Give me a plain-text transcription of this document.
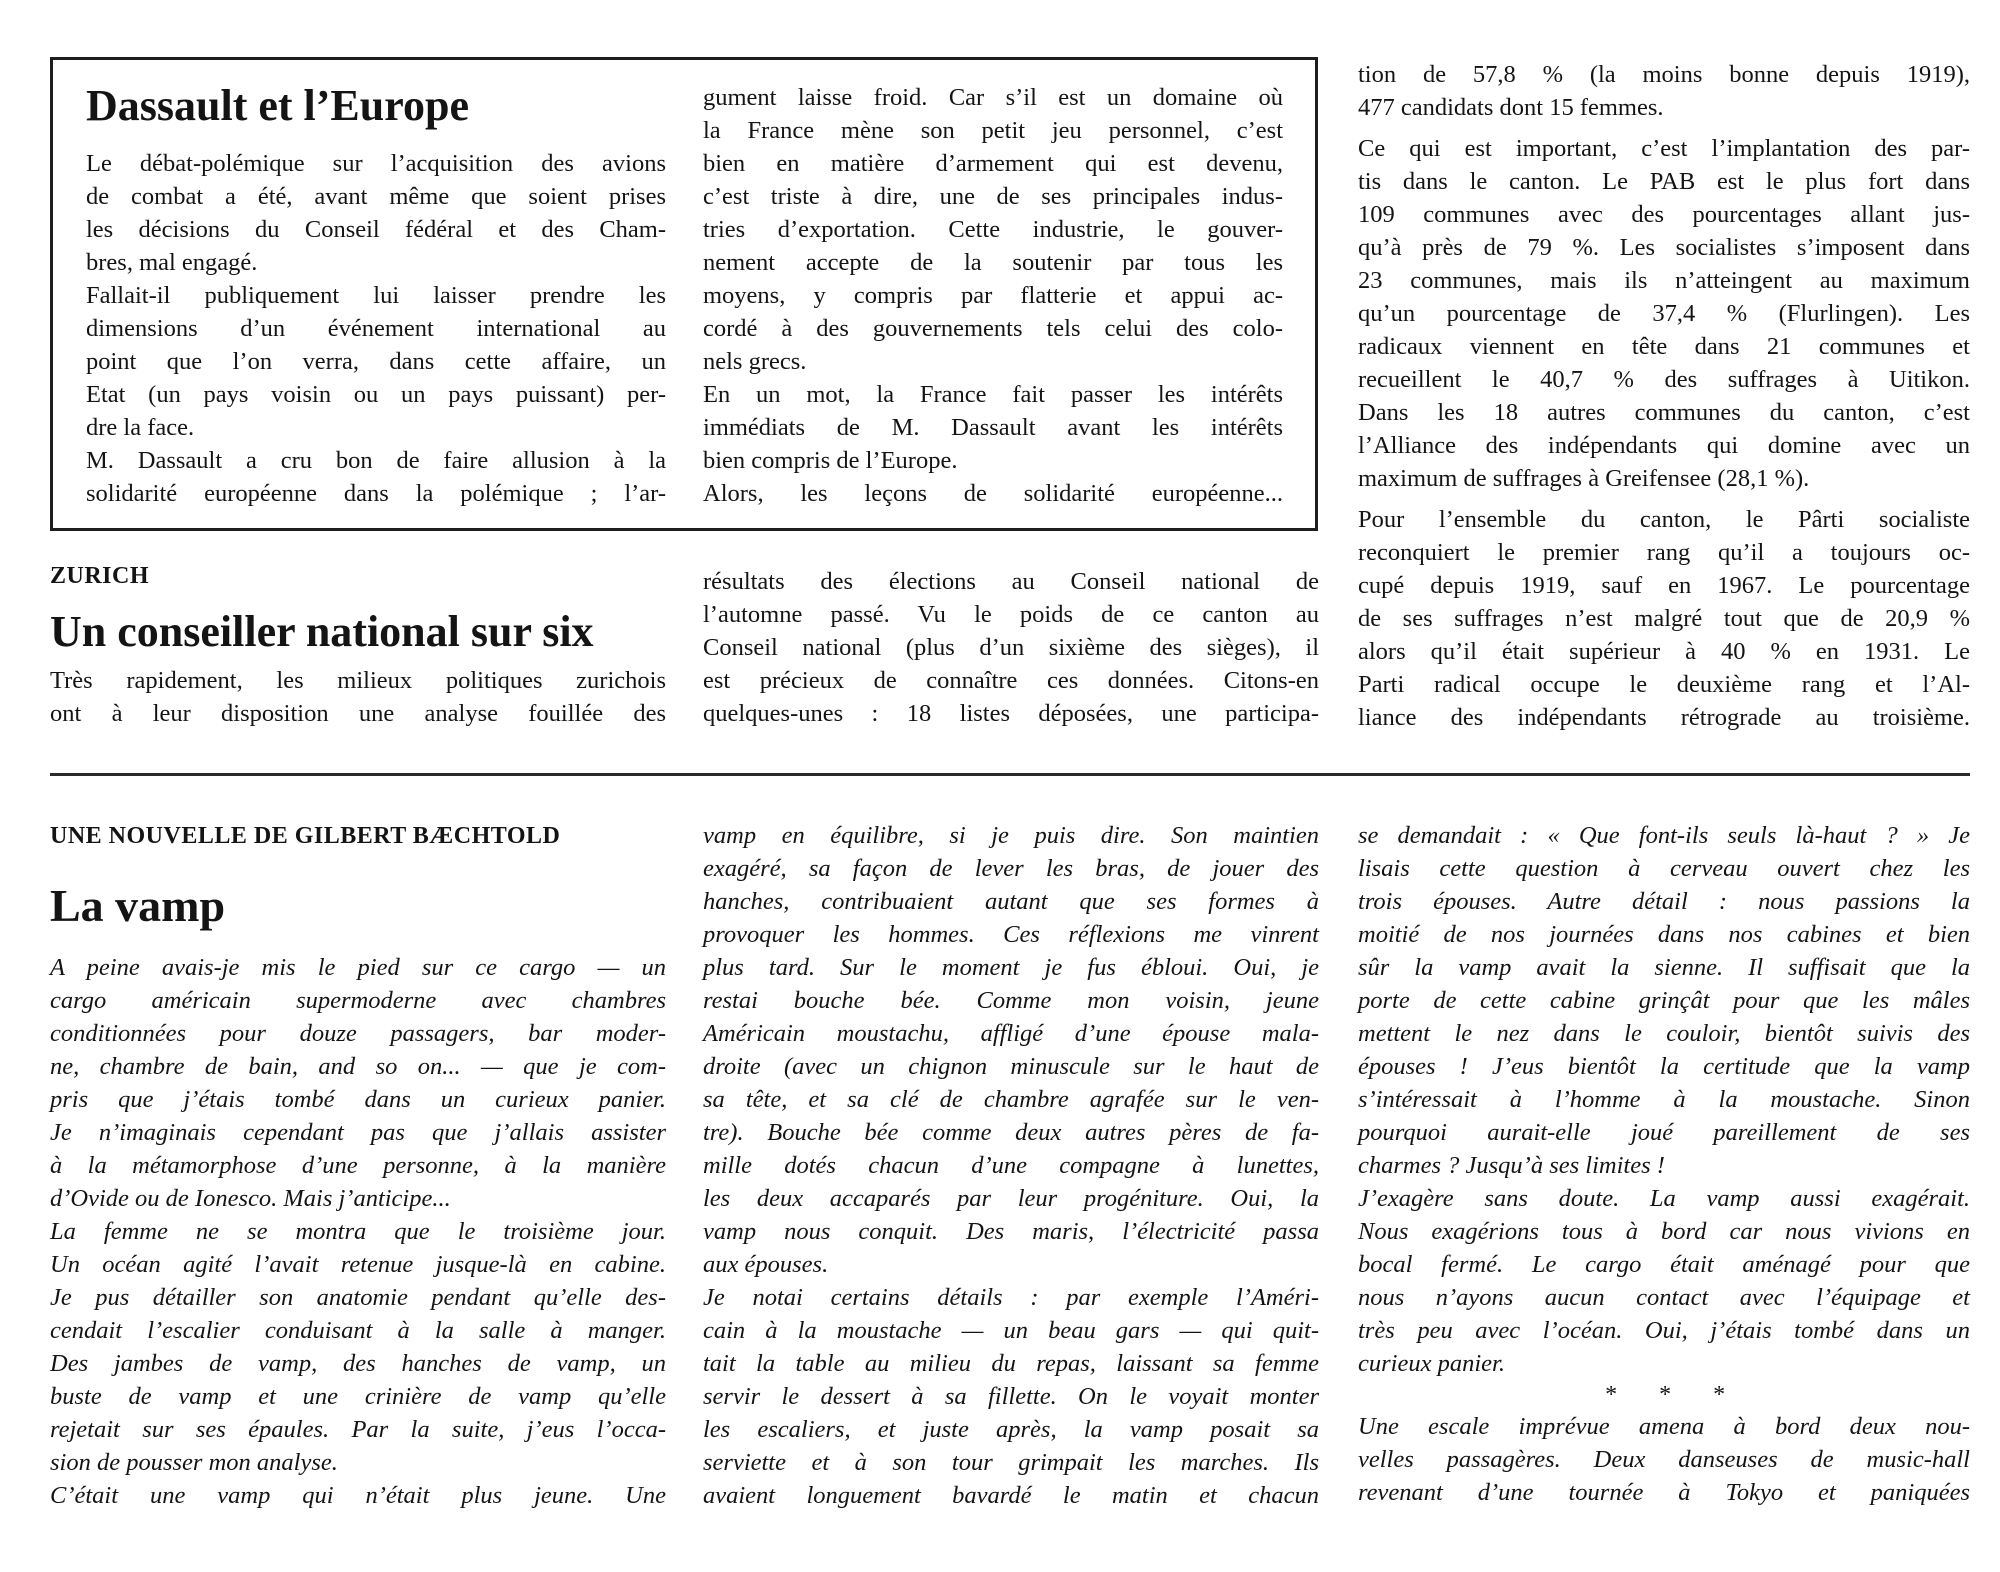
Dassault et l’Europe

Le débat-polémique sur l’acquisition des avions

de combat a été, avant même que soient prises

les décisions du Conseil fédéral et des Cham-

bres, mal engagé.

Fallait-il publiquement lui laisser prendre les

dimensions d’un événement international au

point que l’on verra, dans cette affaire, un

Etat (un pays voisin ou un pays puissant) per-

dre la face.

M. Dassault a cru bon de faire allusion à la

solidarité européenne dans la polémique ; l’ar-

gument laisse froid. Car s’il est un domaine où

la France mène son petit jeu personnel, c’est

bien en matière d’armement qui est devenu,

c’est triste à dire, une de ses principales indus-

tries d’exportation. Cette industrie, le gouver-

nement accepte de la soutenir par tous les

moyens, y compris par flatterie et appui ac-

cordé à des gouvernements tels celui des colo-

nels grecs.

En un mot, la France fait passer les intérêts

immédiats de M. Dassault avant les intérêts

bien compris de l’Europe.

Alors, les leçons de solidarité européenne...

ZURICH
Un conseiller national sur six

Très rapidement, les milieux politiques zurichois

ont à leur disposition une analyse fouillée des

résultats des élections au Conseil national de

l’automne passé. Vu le poids de ce canton au

Conseil national (plus d’un sixième des sièges), il

est précieux de connaître ces données. Citons-en

quelques-unes : 18 listes déposées, une participa-

tion de 57,8 % (la moins bonne depuis 1919),

477 candidats dont 15 femmes.

Ce qui est important, c’est l’implantation des par-

tis dans le canton. Le PAB est le plus fort dans

109 communes avec des pourcentages allant jus-

qu’à près de 79 %. Les socialistes s’imposent dans

23 communes, mais ils n’atteingent au maximum

qu’un pourcentage de 37,4 % (Flurlingen). Les

radicaux viennent en tête dans 21 communes et

recueillent le 40,7 % des suffrages à Uitikon.

Dans les 18 autres communes du canton, c’est

l’Alliance des indépendants qui domine avec un

maximum de suffrages à Greifensee (28,1 %).

Pour l’ensemble du canton, le Pârti socialiste

reconquiert le premier rang qu’il a toujours oc-

cupé depuis 1919, sauf en 1967. Le pourcentage

de ses suffrages n’est malgré tout que de 20,9 %

alors qu’il était supérieur à 40 % en 1931. Le

Parti radical occupe le deuxième rang et l’Al-

liance des indépendants rétrograde au troisième.

UNE NOUVELLE DE GILBERT BÆCHTOLD
La vamp

A peine avais-je mis le pied sur ce cargo — un

cargo américain supermoderne avec chambres

conditionnées pour douze passagers, bar moder-

ne, chambre de bain, and so on... — que je com-

pris que j’étais tombé dans un curieux panier.

Je n’imaginais cependant pas que j’allais assister

à la métamorphose d’une personne, à la manière

d’Ovide ou de Ionesco. Mais j’anticipe...

La femme ne se montra que le troisième jour.

Un océan agité l’avait retenue jusque-là en cabine.

Je pus détailler son anatomie pendant qu’elle des-

cendait l’escalier conduisant à la salle à manger.

Des jambes de vamp, des hanches de vamp, un

buste de vamp et une crinière de vamp qu’elle

rejetait sur ses épaules. Par la suite, j’eus l’occa-

sion de pousser mon analyse.

C’était une vamp qui n’était plus jeune. Une

vamp en équilibre, si je puis dire. Son maintien

exagéré, sa façon de lever les bras, de jouer des

hanches, contribuaient autant que ses formes à

provoquer les hommes. Ces réflexions me vinrent

plus tard. Sur le moment je fus ébloui. Oui, je

restai bouche bée. Comme mon voisin, jeune

Américain moustachu, affligé d’une épouse mala-

droite (avec un chignon minuscule sur le haut de

sa tête, et sa clé de chambre agrafée sur le ven-

tre). Bouche bée comme deux autres pères de fa-

mille dotés chacun d’une compagne à lunettes,

les deux accaparés par leur progéniture. Oui, la

vamp nous conquit. Des maris, l’électricité passa

aux épouses.

Je notai certains détails : par exemple l’Améri-

cain à la moustache — un beau gars — qui quit-

tait la table au milieu du repas, laissant sa femme

servir le dessert à sa fillette. On le voyait monter

les escaliers, et juste après, la vamp posait sa

serviette et à son tour grimpait les marches. Ils

avaient longuement bavardé le matin et chacun

se demandait : « Que font-ils seuls là-haut ? » Je

lisais cette question à cerveau ouvert chez les

trois épouses. Autre détail : nous passions la

moitié de nos journées dans nos cabines et bien

sûr la vamp avait la sienne. Il suffisait que la

porte de cette cabine grinçât pour que les mâles

mettent le nez dans le couloir, bientôt suivis des

épouses ! J’eus bientôt la certitude que la vamp

s’intéressait à l’homme à la moustache. Sinon

pourquoi aurait-elle joué pareillement de ses

charmes ? Jusqu’à ses limites !

J’exagère sans doute. La vamp aussi exagérait.

Nous exagérions tous à bord car nous vivions en

bocal fermé. Le cargo était aménagé pour que

nous n’ayons aucun contact avec l’équipage et

très peu avec l’océan. Oui, j’étais tombé dans un

curieux panier.

* * *

Une escale imprévue amena à bord deux nou-

velles passagères. Deux danseuses de music-hall

revenant d’une tournée à Tokyo et paniquées
